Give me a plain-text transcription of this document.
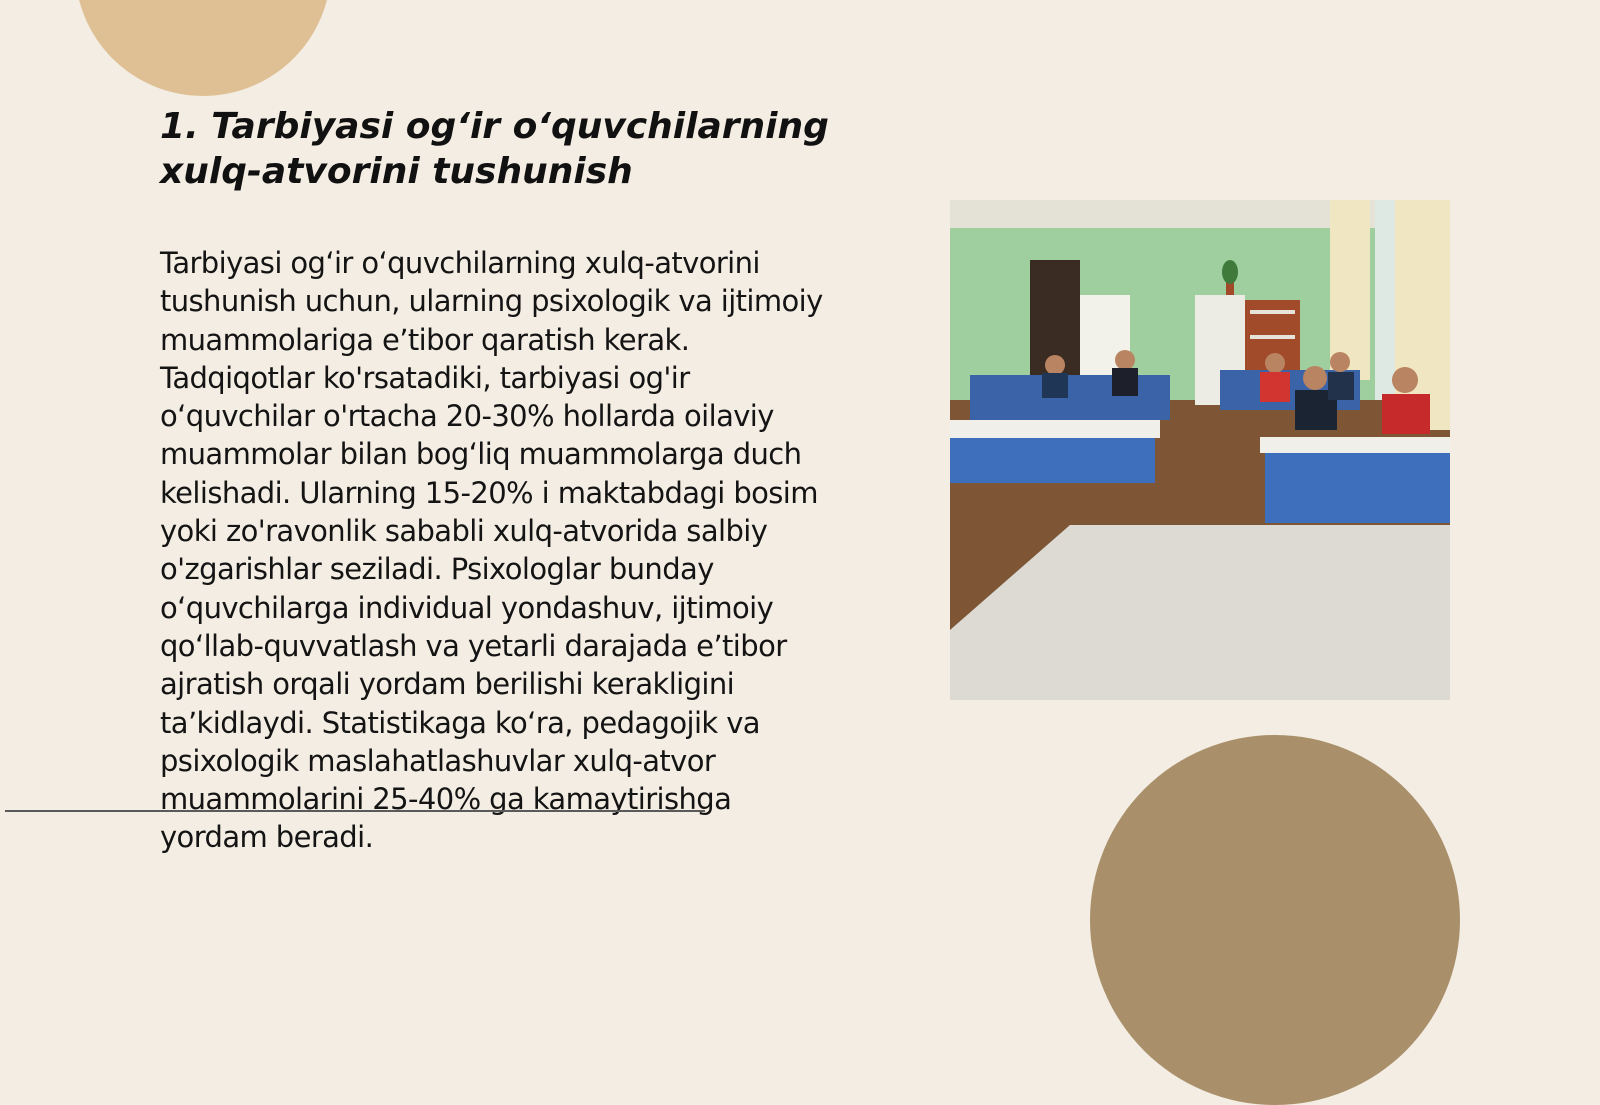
1. Tarbiyasi og‘ir o‘quvchilarning xulq-atvorini tushunish

Tarbiyasi og‘ir o‘quvchilarning xulq-atvorini tushunish uchun, ularning psixologik va ijtimoiy muammolariga e’tibor qaratish kerak. Tadqiqotlar ko'rsatadiki, tarbiyasi og'ir o‘quvchilar o'rtacha 20-30% hollarda oilaviy muammolar bilan bog‘liq muammolarga duch kelishadi. Ularning 15-20% i maktabdagi bosim yoki zo'ravonlik sababli xulq-atvorida salbiy o'zgarishlar seziladi. Psixologlar bunday o‘quvchilarga individual yondashuv, ijtimoiy qo‘llab-quvvatlash va yetarli darajada e’tibor ajratish orqali yordam berilishi kerakligini ta’kidlaydi. Statistikaga ko‘ra, pedagojik va psixologik maslahatlashuvlar xulq-atvor muammolarini 25-40% ga kamaytirishga yordam beradi.
